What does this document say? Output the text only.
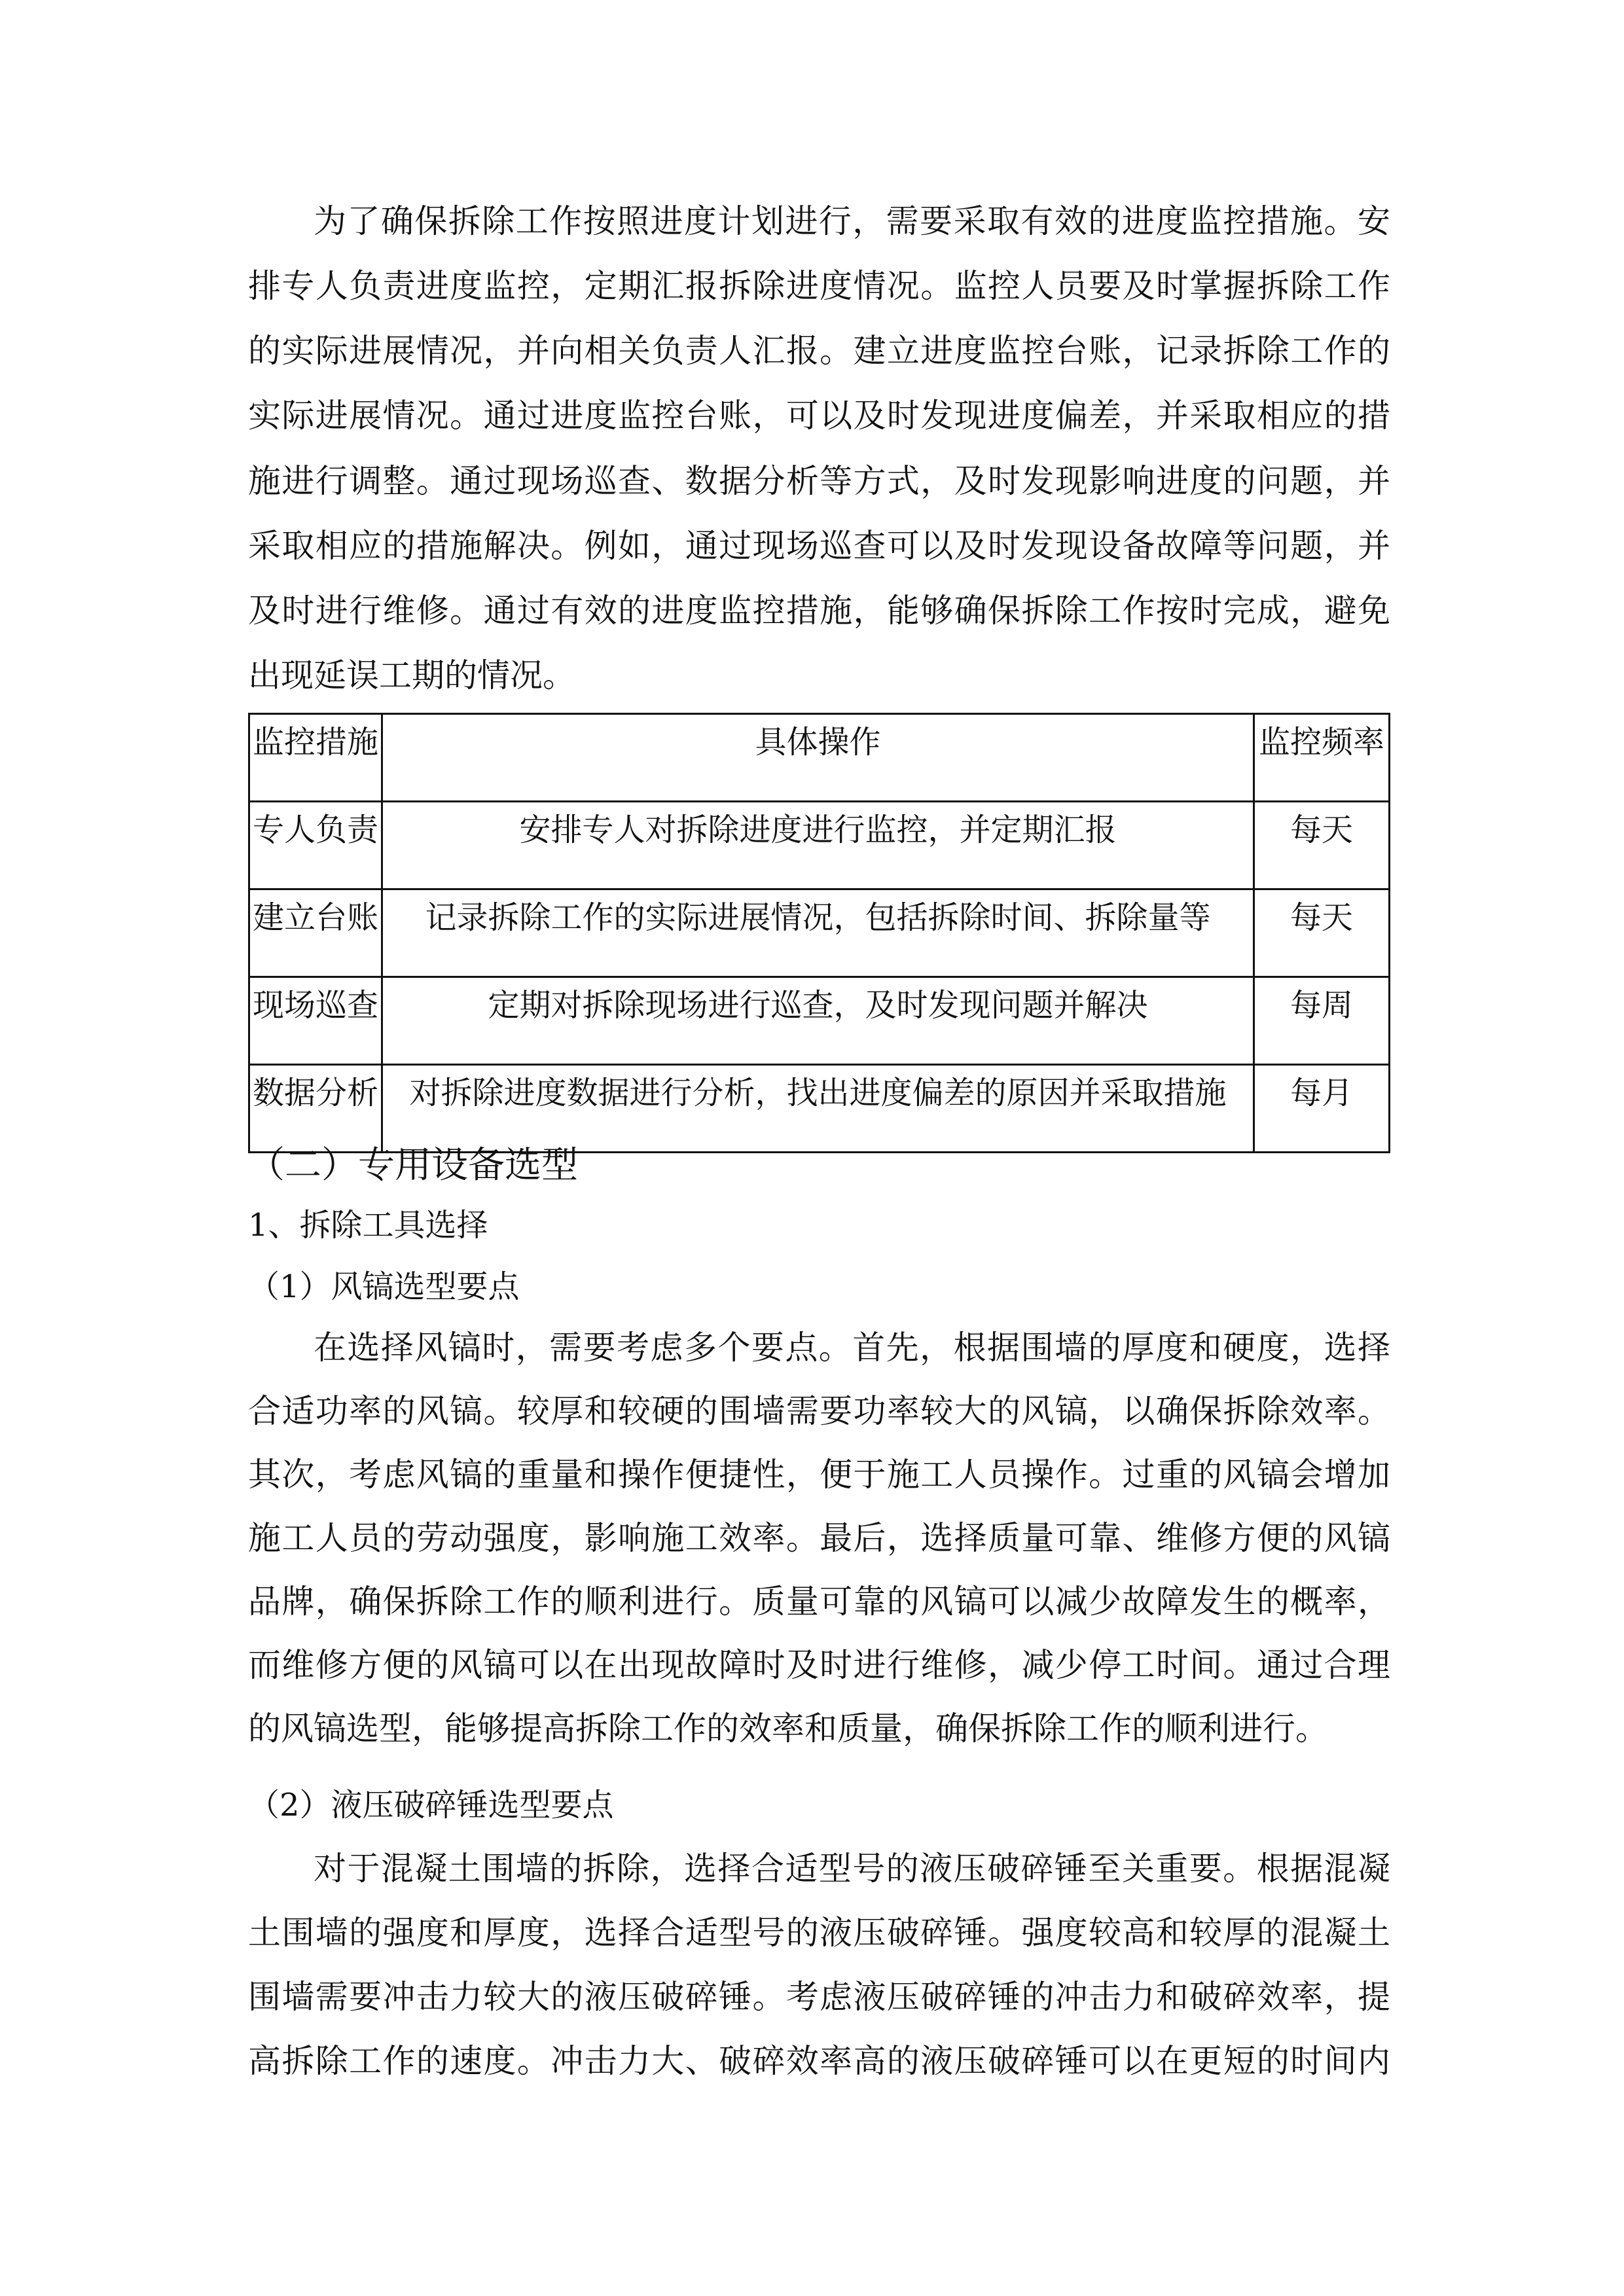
为了确保拆除工作按照进度计划进行，需要采取有效的进度监控措施。安
排专人负责进度监控，定期汇报拆除进度情况。监控人员要及时掌握拆除工作
的实际进展情况，并向相关负责人汇报。建立进度监控台账，记录拆除工作的
实际进展情况。通过进度监控台账，可以及时发现进度偏差，并采取相应的措
施进行调整。通过现场巡查、数据分析等方式，及时发现影响进度的问题，并
采取相应的措施解决。例如，通过现场巡查可以及时发现设备故障等问题，并
及时进行维修。通过有效的进度监控措施，能够确保拆除工作按时完成，避免
出现延误工期的情况。
监控措施	具体操作	监控频率
专人负责	安排专人对拆除进度进行监控，并定期汇报	每天
建立台账	记录拆除工作的实际进展情况，包括拆除时间、拆除量等	每天
现场巡查	定期对拆除现场进行巡查，及时发现问题并解决	每周
数据分析	对拆除进度数据进行分析，找出进度偏差的原因并采取措施	每月
（二）专用设备选型
1、拆除工具选择
（1）风镐选型要点
在选择风镐时，需要考虑多个要点。首先，根据围墙的厚度和硬度，选择
合适功率的风镐。较厚和较硬的围墙需要功率较大的风镐，以确保拆除效率。
其次，考虑风镐的重量和操作便捷性，便于施工人员操作。过重的风镐会增加
施工人员的劳动强度，影响施工效率。最后，选择质量可靠、维修方便的风镐
品牌，确保拆除工作的顺利进行。质量可靠的风镐可以减少故障发生的概率，
而维修方便的风镐可以在出现故障时及时进行维修，减少停工时间。通过合理
的风镐选型，能够提高拆除工作的效率和质量，确保拆除工作的顺利进行。
（2）液压破碎锤选型要点
对于混凝土围墙的拆除，选择合适型号的液压破碎锤至关重要。根据混凝
土围墙的强度和厚度，选择合适型号的液压破碎锤。强度较高和较厚的混凝土
围墙需要冲击力较大的液压破碎锤。考虑液压破碎锤的冲击力和破碎效率，提
高拆除工作的速度。冲击力大、破碎效率高的液压破碎锤可以在更短的时间内
